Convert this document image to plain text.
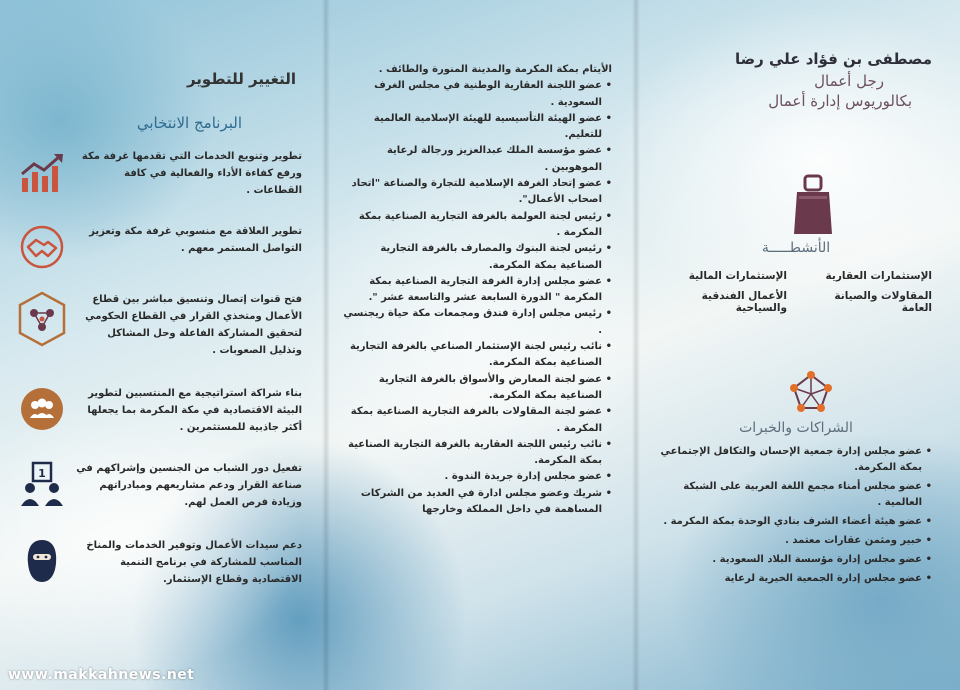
مصطفى بن فؤاد علي رضا
رجل أعمال
بكالوريوس إدارة أعمال
الأنشطـــــة
الإستثمارات العقارية
الإستثمارات المالية
المقاولات والصيانة العامة
الأعمال الفندقية والسياحية
الشراكات والخبرات
• عضو مجلس إدارة جمعية الإحسان والتكافل الإجتماعي بمكة المكرمة.
• عضو مجلس أمناء مجمع اللغة العربية على الشبكة العالمية .
• عضو هيئة أعضاء الشرف بنادي الوحدة بمكة المكرمة .
• خبير ومثمن عقارات معتمد .
• عضو مجلس إدارة مؤسسة البلاد السعودية .
• عضو مجلس إدارة الجمعية الخيرية لرعاية
الأيتام بمكة المكرمة والمدينة المنورة والطائف .
• عضو اللجنة العقارية الوطنية في مجلس الغرف السعودية .
• عضو الهيئة التأسيسية للهيئة الإسلامية العالمية للتعليم.
• عضو مؤسسة الملك عبدالعزيز ورجالة لرعاية الموهوبين .
• عضو إتحاد الغرفة الإسلامية للتجارة والصناعة "اتحاد اصحاب الأعمال".
• رئيس لجنة العولمة بالغرفة التجارية الصناعية بمكة المكرمة .
• رئيس لجنة البنوك والمصارف بالغرفة التجارية الصناعية بمكة المكرمة.
• عضو مجلس إدارة الغرفة التجارية الصناعية بمكة المكرمة " الدورة السابعة عشر والتاسعة عشر ".
• رئيس مجلس إدارة فندق ومجمعات مكة حياة ريجنسي .
• نائب رئيس لجنة الإستثمار الصناعي بالغرفة التجارية الصناعية بمكة المكرمة.
• عضو لجنة المعارض والأسواق بالغرفة التجارية الصناعية بمكة المكرمة.
• عضو لجنة المقاولات بالغرفة التجارية الصناعية بمكة المكرمة .
• نائب رئيس اللجنة العقارية بالغرفة التجارية الصناعية بمكة المكرمة.
• عضو مجلس إدارة جريدة الندوة .
• شريك وعضو مجلس ادارة في العديد من الشركات المساهمة في داخل المملكة وخارجها
التغيير للتطوير
البرنامج الانتخابي
تطوير وتنويع الخدمات التي تقدمها غرفة مكة ورفع كفاءة الأداء والفعالية في كافة القطاعات .
تطوير العلاقة مع منسوبي غرفة مكة وتعزيز التواصل المستمر معهم .
فتح قنوات إتصال وتنسيق مباشر بين قطاع الأعمال ومتخذي القرار في القطاع الحكومي لتحقيق المشاركة الفاعلة وحل المشاكل وتذليل الصعوبات .
بناء شراكة استراتيجية مع المنتسبين لتطوير البيئة الاقتصادية في مكة المكرمة بما يجعلها أكثر جاذبية للمستثمرين .
1	تفعيل دور الشباب من الجنسين وإشراكهم في صناعة القرار ودعم مشاريعهم ومبادراتهم وزيادة فرص العمل لهم.
دعم سيدات الأعمال وتوفير الخدمات والمناخ المناسب للمشاركة في برنامج التنمية الاقتصادية وقطاع الإستثمار.
www.makkahnews.net
